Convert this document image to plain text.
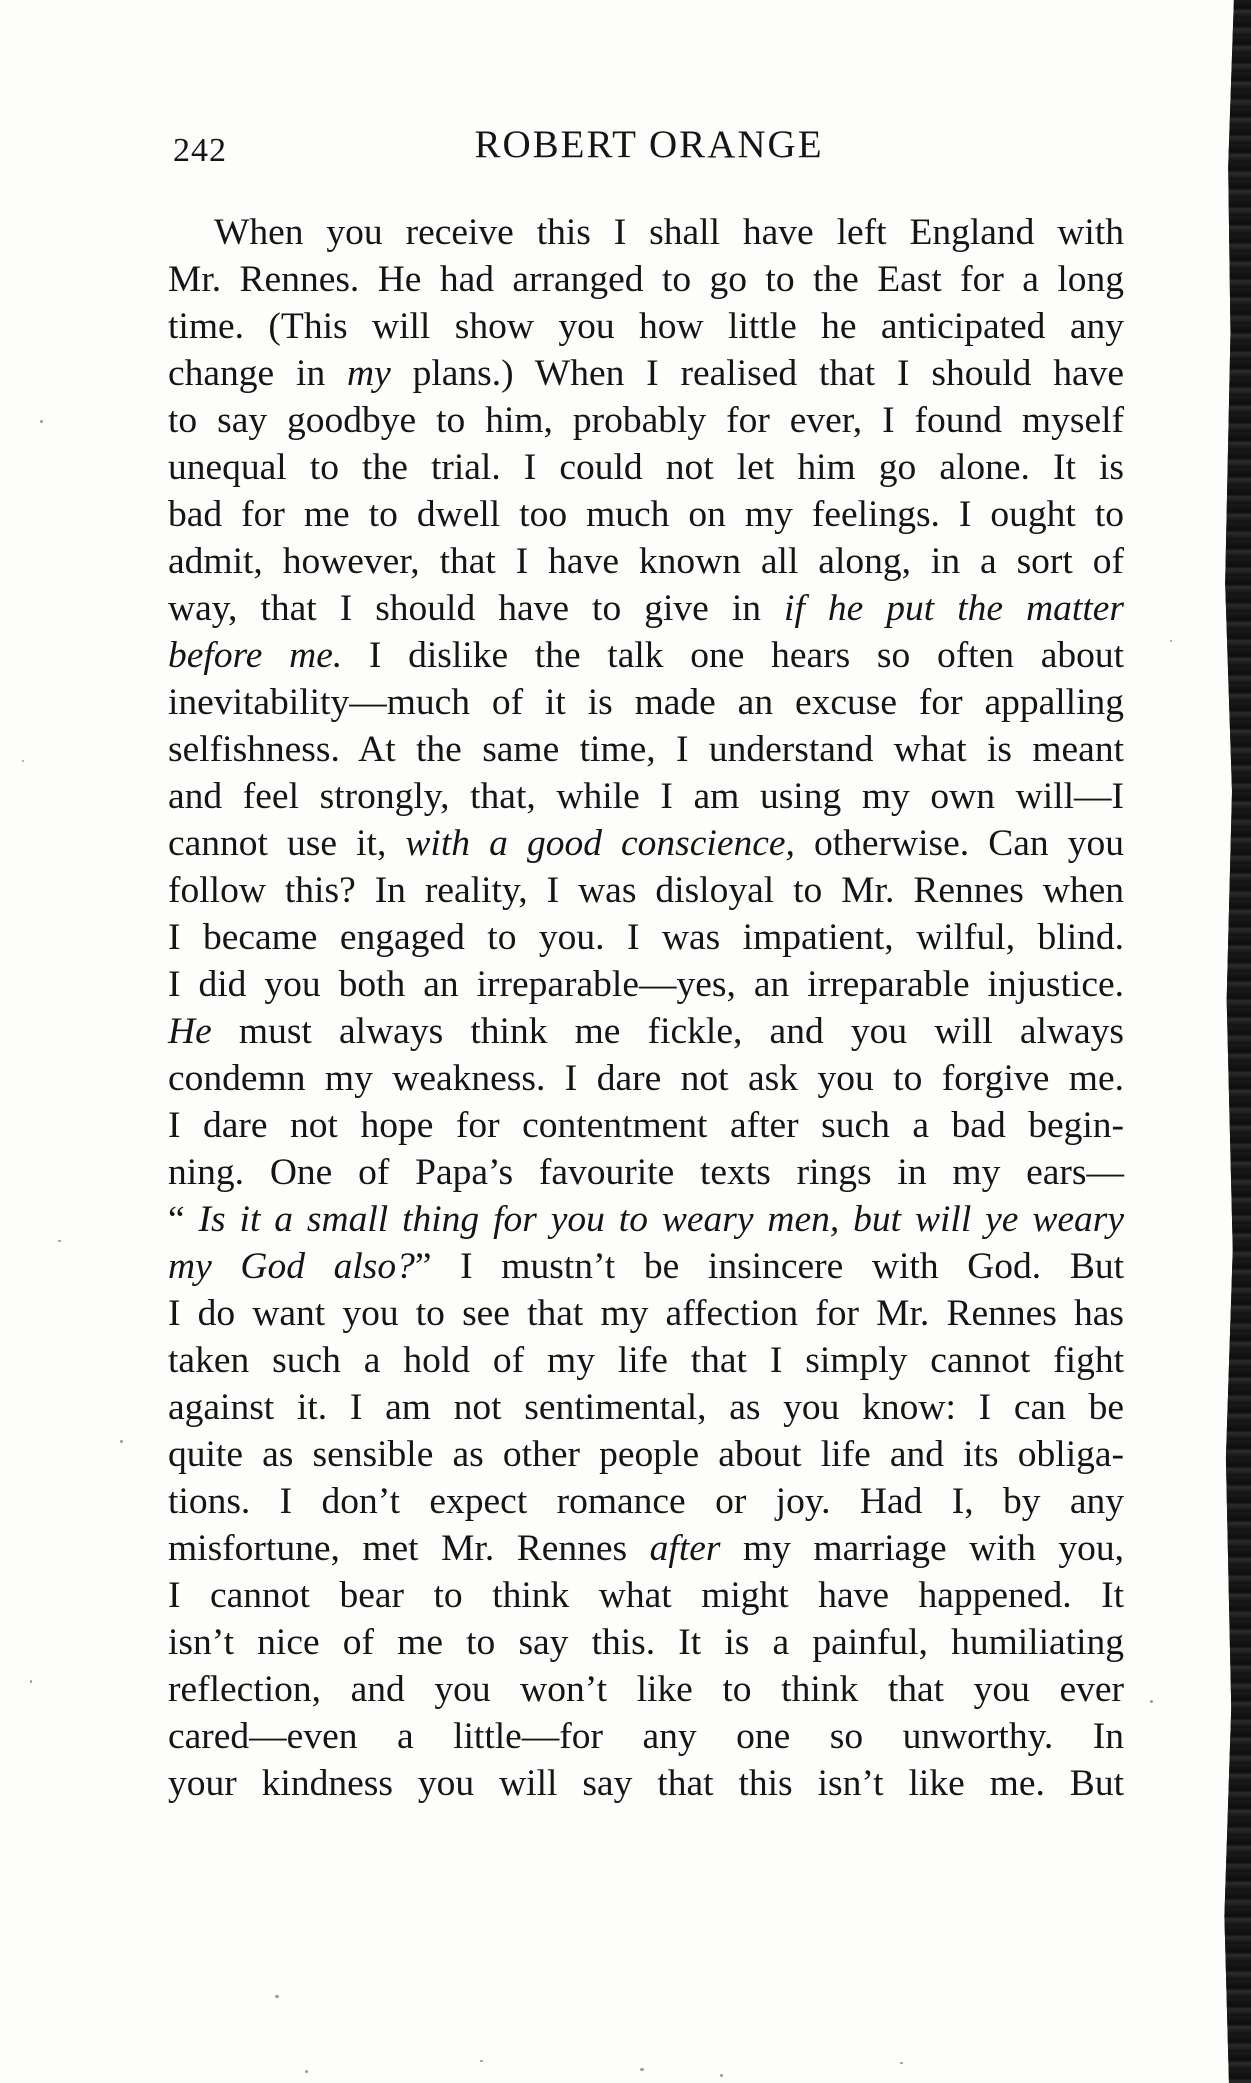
242	ROBERT ORANGE
When you receive this I shall have left England with
Mr. Rennes. He had arranged to go to the East for a long
time. (This will show you how little he anticipated any
change in my plans.) When I realised that I should have
to say goodbye to him, probably for ever, I found myself
unequal to the trial. I could not let him go alone. It is
bad for me to dwell too much on my feelings. I ought to
admit, however, that I have known all along, in a sort of
way, that I should have to give in if he put the matter
before me. I dislike the talk one hears so often about
inevitability—much of it is made an excuse for appalling
selfishness. At the same time, I understand what is meant
and feel strongly, that, while I am using my own will—I
cannot use it, with a good conscience, otherwise. Can you
follow this? In reality, I was disloyal to Mr. Rennes when
I became engaged to you. I was impatient, wilful, blind.
I did you both an irreparable—yes, an irreparable injustice.
He must always think me fickle, and you will always
condemn my weakness. I dare not ask you to forgive me.
I dare not hope for contentment after such a bad begin-
ning. One of Papa’s favourite texts rings in my ears—
“ Is it a small thing for you to weary men, but will ye weary
my God also?” I mustn’t be insincere with God. But
I do want you to see that my affection for Mr. Rennes has
taken such a hold of my life that I simply cannot fight
against it. I am not sentimental, as you know: I can be
quite as sensible as other people about life and its obliga-
tions. I don’t expect romance or joy. Had I, by any
misfortune, met Mr. Rennes after my marriage with you,
I cannot bear to think what might have happened. It
isn’t nice of me to say this. It is a painful, humiliating
reflection, and you won’t like to think that you ever
cared—even a little—for any one so unworthy. In
your kindness you will say that this isn’t like me. But
